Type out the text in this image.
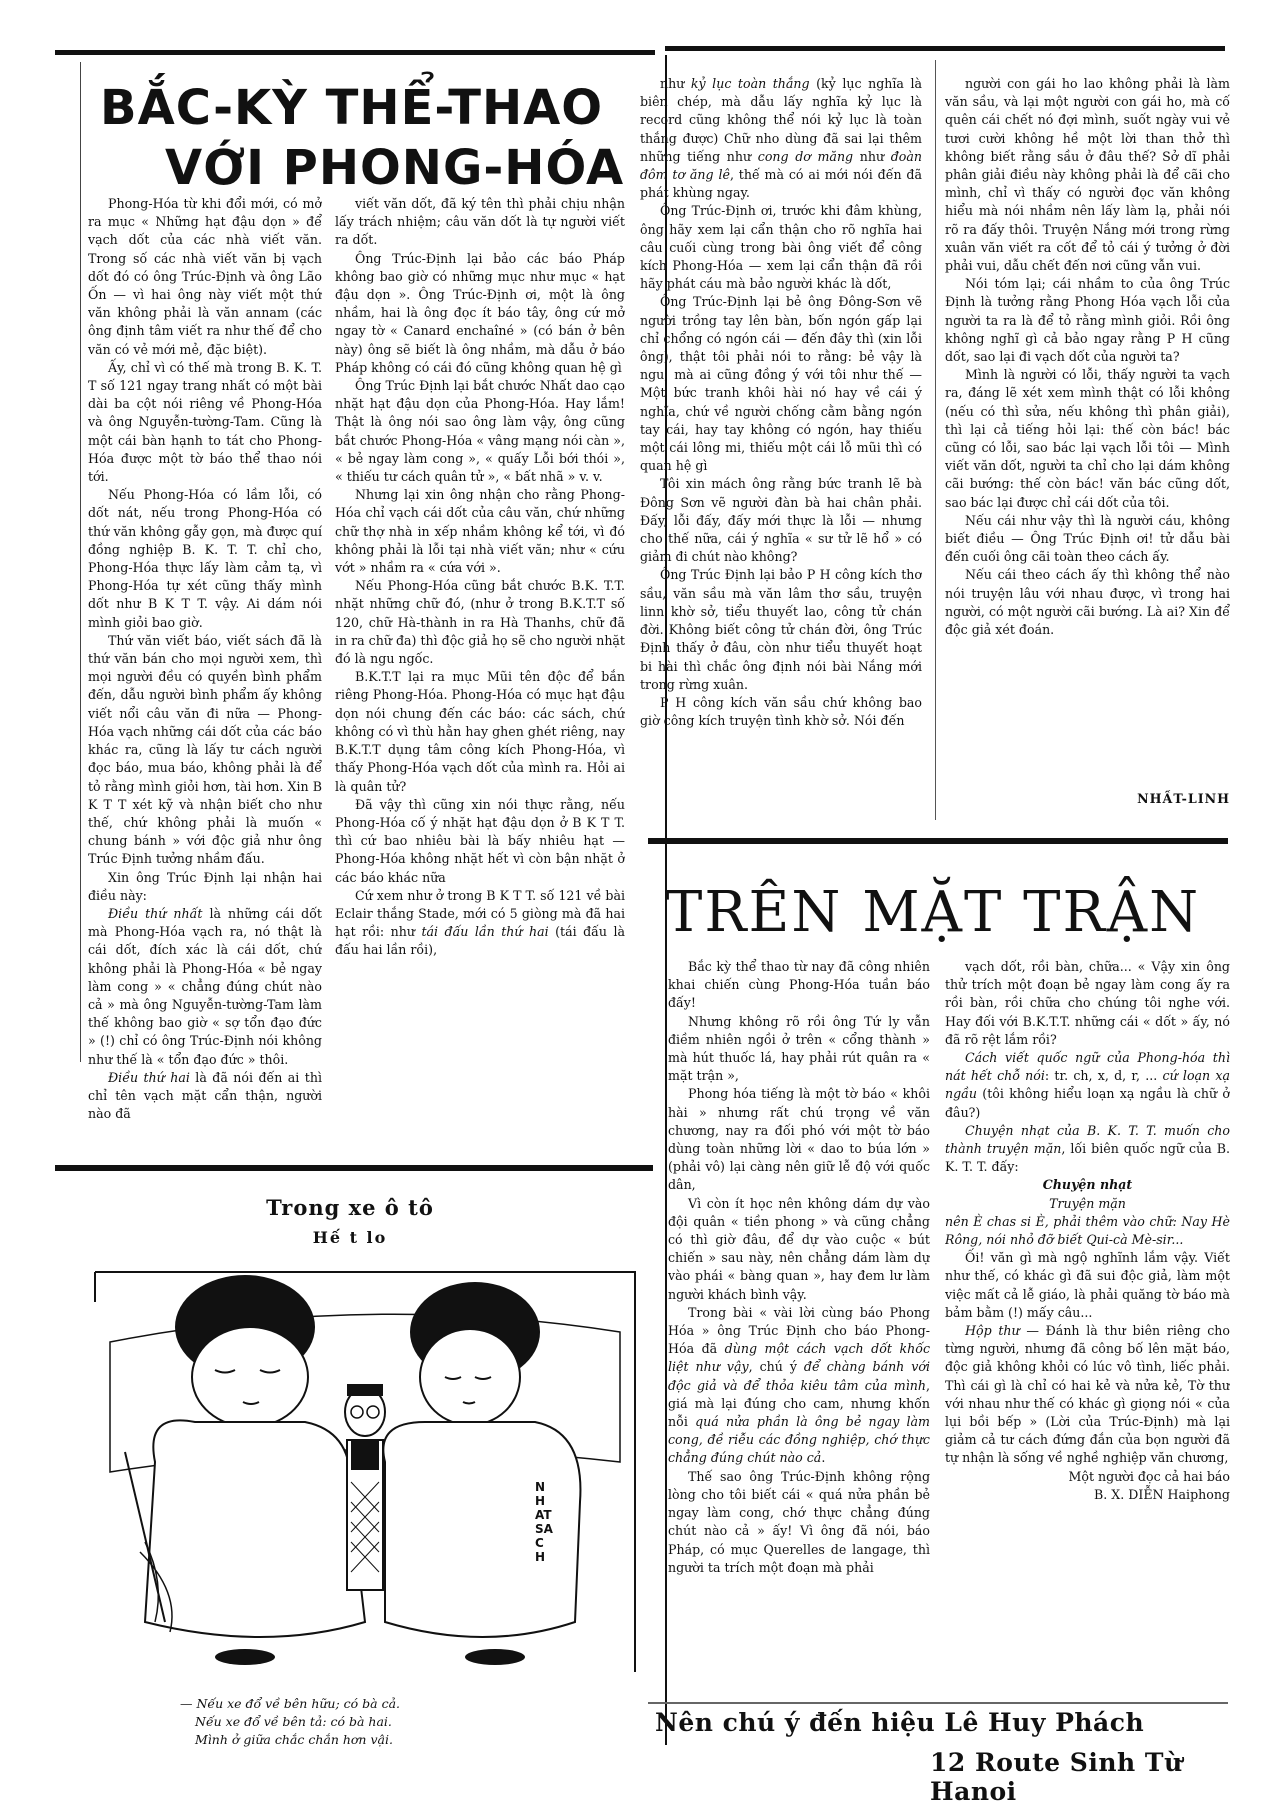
BẮC-KỲ THỂ-THAO
VỚI PHONG-HÓA

Phong-Hóa từ khi đổi mới, có mở ra mục « Những hạt đậu dọn » để vạch dốt của các nhà viết văn. Trong số các nhà viết văn bị vạch dốt đó có ông Trúc-Định và ông Lão Ốn — vì hai ông này viết một thứ văn không phải là văn annam (các ông định tâm viết ra như thế để cho văn có vẻ mới mẻ, đặc biệt).

Ấy, chỉ vì có thế mà trong B. K. T. T số 121 ngay trang nhất có một bài dài ba cột nói riêng về Phong-Hóa và ông Nguyễn-tường-Tam. Cũng là một cái bàn hạnh to tát cho Phong-Hóa được một tờ báo thể thao nói tới.

Nếu Phong-Hóa có lầm lỗi, có dốt nát, nếu trong Phong-Hóa có thứ văn không gẫy gọn, mà được quí đồng nghiệp B. K. T. T. chỉ cho, Phong-Hóa thực lấy làm cảm tạ, vì Phong-Hóa tự xét cũng thấy mình dốt như B K T T. vậy. Ai dám nói mình giỏi bao giờ.

Thứ văn viết báo, viết sách đã là thứ văn bán cho mọi người xem, thì mọi người đều có quyền bình phẩm đến, dẫu người bình phẩm ấy không viết nổi câu văn đi nữa — Phong-Hóa vạch những cái dốt của các báo khác ra, cũng là lấy tư cách người đọc báo, mua báo, không phải là để tỏ rằng mình giỏi hơn, tài hơn. Xin B K T T xét kỹ và nhận biết cho như thế, chứ không phải là muốn « chung bánh » với độc giả như ông Trúc Định tưởng nhầm đấu.

Xin ông Trúc Định lại nhận hai điều này:

Điều thứ nhất là những cái dốt mà Phong-Hóa vạch ra, nó thật là cái dốt, đích xác là cái dốt, chứ không phải là Phong-Hóa « bẻ ngay làm cong » « chẳng đúng chút nào cả » mà ông Nguyễn-tường-Tam làm thế không bao giờ « sợ tổn đạo đức » (!) chỉ có ông Trúc-Định nói không như thế là « tổn đạo đức » thôi.

Điều thứ hai là đã nói đến ai thì chỉ tên vạch mặt cẩn thận, người nào đã

viết văn dốt, đã ký tên thì phải chịu nhận lấy trách nhiệm; câu văn dốt là tự người viết ra dốt.

Ông Trúc-Định lại bảo các báo Pháp không bao giờ có những mục như mục « hạt đậu dọn ». Ông Trúc-Định ơi, một là ông nhầm, hai là ông đọc ít báo tây, ông cứ mở ngay tờ « Canard enchaîné » (có bán ở bên này) ông sẽ biết là ông nhầm, mà dẫu ở báo Pháp không có cái đó cũng không quan hệ gì

Ông Trúc Định lại bắt chước Nhất dao cạo nhặt hạt đậu dọn của Phong-Hóa. Hay lắm! Thật là ông nói sao ông làm vậy, ông cũng bắt chước Phong-Hóa « vâng mạng nói càn », « bẻ ngay làm cong », « quấy Lỗi bới thói », « thiếu tư cách quân tử », « bất nhã » v. v.

Nhưng lại xin ông nhận cho rằng Phong-Hóa chỉ vạch cái dốt của câu văn, chứ những chữ thợ nhà in xếp nhầm không kể tới, vì đó không phải là lỗi tại nhà viết văn; như « cứu vớt » nhầm ra « cứa với ».

Nếu Phong-Hóa cũng bắt chước B.K. T.T. nhặt những chữ đó, (như ở trong B.K.T.T số 120, chữ Hà-thành in ra Hà Thanhs, chữ đã in ra chữ đa) thì độc giả họ sẽ cho người nhặt đó là ngu ngốc.

B.K.T.T lại ra mục Mũi tên độc để bắn riêng Phong-Hóa. Phong-Hóa có mục hạt đậu dọn nói chung đến các báo: các sách, chứ không có vì thù hằn hay ghen ghét riêng, nay B.K.T.T dụng tâm công kích Phong-Hóa, vì thấy Phong-Hóa vạch dốt của mình ra. Hỏi ai là quân tử?

Đã vậy thì cũng xin nói thực rằng, nếu Phong-Hóa cố ý nhặt hạt đậu dọn ở B K T T. thì cứ bao nhiêu bài là bấy nhiêu hạt — Phong-Hóa không nhặt hết vì còn bận nhặt ở các báo khác nữa

Cứ xem như ở trong B K T T. số 121 về bài Eclair thắng Stade, mới có 5 giòng mà đã hai hạt rồi: như tái đấu lần thứ hai (tái đấu là đấu hai lần rồi),

như kỷ lục toàn thắng (kỷ lục nghĩa là biên chép, mà dẫu lấy nghĩa kỷ lục là record cũng không thể nói kỷ lục là toàn thắng được) Chữ nho dùng đã sai lại thêm những tiếng như cong dơ măng như đoàn đôm tơ ăng lê, thế mà có ai mới nói đến đã phát khùng ngay.

Ông Trúc-Định ơi, trước khi đâm khùng, ông hãy xem lại cẩn thận cho rõ nghĩa hai câu cuối cùng trong bài ông viết để công kích Phong-Hóa — xem lại cẩn thận đã rồi hãy phát cáu mà bảo người khác là dốt,

Ông Trúc-Định lại bẻ ông Đông-Sơn vẽ người trồng tay lên bàn, bốn ngón gấp lại chỉ chổng có ngón cái — đến đây thì (xin lỗi ông), thật tôi phải nói to rằng: bẻ vậy là ngu, mà ai cũng đồng ý với tôi như thế — Một bức tranh khôi hài nó hay về cái ý nghĩa, chứ về người chống cằm bằng ngón tay cái, hay tay không có ngón, hay thiếu một cái lông mi, thiếu một cái lỗ mũi thì có quan hệ gì

Tôi xin mách ông rằng bức tranh lẽ bà Đông Sơn vẽ người đàn bà hai chân phải. Đấy, lỗi đấy, đấy mới thực là lỗi — nhưng cho thế nữa, cái ý nghĩa « sư tử lẽ hổ » có giảm đi chút nào không?

Ông Trúc Định lại bảo P H công kích thơ sầu, văn sầu mà văn lâm thơ sầu, truyện linn khờ sở, tiểu thuyết lao, công tử chán đời. Không biết công tử chán đời, ông Trúc Định thấy ở đâu, còn như tiểu thuyết hoạt bi hài thì chắc ông định nói bài Nắng mới trong rừng xuân.

P H công kích văn sầu chứ không bao giờ công kích truyện tình khờ sở. Nói đến

người con gái ho lao không phải là làm văn sầu, và lại một người con gái ho, mà cố quên cái chết nó đợi mình, suốt ngày vui vẻ tươi cười không hề một lời than thở thì không biết rằng sầu ở đâu thế? Sở dĩ phải phân giải điều này không phải là để cãi cho mình, chỉ vì thấy có người đọc văn không hiểu mà nói nhầm nên lấy làm lạ, phải nói rõ ra đấy thôi. Truyện Nắng mới trong rừng xuân văn viết ra cốt để tỏ cái ý tưởng ở đời phải vui, dẫu chết đến nơi cũng vẫn vui.

Nói tóm lại; cái nhầm to của ông Trúc Định là tưởng rằng Phong Hóa vạch lỗi của người ta ra là để tỏ rằng mình giỏi. Rồi ông không nghĩ gì cả bảo ngay rằng P H cũng dốt, sao lại đi vạch dốt của người ta?

Mình là người có lỗi, thấy người ta vạch ra, đáng lẽ xét xem mình thật có lỗi không (nếu có thì sửa, nếu không thì phân giải), thì lại cả tiếng hỏi lại: thế còn bác! bác cũng có lỗi, sao bác lại vạch lỗi tôi — Mình viết văn dốt, người ta chỉ cho lại dám không cãi bướng: thế còn bác! văn bác cũng dốt, sao bác lại được chỉ cái dốt của tôi.

Nếu cái như vậy thì là người cáu, không biết điều — Ông Trúc Định ơi! tử dẫu bài đến cuối ông cãi toàn theo cách ấy.

Nếu cái theo cách ấy thì không thể nào nói truyện lâu với nhau được, vì trong hai người, có một người cãi bướng. Là ai? Xin để độc giả xét đoán.

NHẤT-LINH

TRÊN MẶT TRẬN

Bắc kỳ thể thao từ nay đã công nhiên khai chiến cùng Phong-Hóa tuần báo đấy!

Nhưng không rõ rồi ông Tứ ly vẫn điềm nhiên ngồi ở trên « cổng thành » mà hút thuốc lá, hay phải rút quân ra « mặt trận »,

Phong hóa tiếng là một tờ báo « khôi hài » nhưng rất chú trọng về văn chương, nay ra đối phó với một tờ báo dùng toàn những lời « dao to búa lớn » (phải vô) lại càng nên giữ lễ độ với quốc dân,

Vì còn ít học nên không dám dự vào đội quân « tiền phong » và cũng chẳng có thì giờ đâu, để dự vào cuộc « bút chiến » sau này, nên chẳng dám làm dự vào phái « bàng quan », hay đem lư làm người khách bình vậy.

Trong bài « vài lời cùng báo Phong Hóa » ông Trúc Định cho báo Phong-Hóa đã dùng một cách vạch dốt khốc liệt như vậy, chú ý để chàng bánh với độc giả và để thỏa kiêu tâm của mình, giá mà lại đúng cho cam, nhưng khốn nỗi quá nửa phần là ông bẻ ngay làm cong, đề riễu các đồng nghiệp, chớ thực chẳng đúng chút nào cả.

Thế sao ông Trúc-Định không rộng lòng cho tôi biết cái « quá nửa phần bẻ ngay làm cong, chớ thực chẳng đúng chút nào cả » ấy! Vì ông đã nói, báo Pháp, có mục Querelles de langage, thì người ta trích một đoạn mà phải

vạch dốt, rồi bàn, chữa... « Vậy xin ông thử trích một đoạn bẻ ngay làm cong ấy ra rồi bàn, rồi chữa cho chúng tôi nghe với. Hay đối với B.K.T.T. những cái « dốt » ấy, nó đã rõ rệt lắm rồi?

Cách viết quốc ngữ của Phong-hóa thì nát hết chỗ nói: tr. ch, x, d, r, ... cứ loạn xạ ngầu (tôi không hiểu loạn xạ ngầu là chữ ở đâu?)

Chuyện nhạt của B. K. T. T. muốn cho thành truyện mặn, lối biên quốc ngữ của B. K. T. T. đấy:

Chuyện nhạt

Truyện mặn

nên È chas si È, phải thêm vào chữ: Nay Hè Rông, nói nhỏ đỡ biết Qui-cà Mè-sir...

Ối! văn gì mà ngộ nghĩnh lắm vậy. Viết như thế, có khác gì đã sui độc giả, làm một việc mất cả lễ giáo, là phải quăng tờ báo mà bảm bằm (!) mấy câu...

Hộp thư — Đánh là thư biên riêng cho từng người, nhưng đã công bố lên mặt báo, độc giả không khỏi có lúc vô tình, liếc phải. Thì cái gì là chỉ có hai kẻ và nửa kẻ, Tờ thư với nhau như thế có khác gì giọng nói « của lụi bồi bếp » (Lời của Trúc-Định) mà lại giảm cả tư cách đứng đắn của bọn người đã tự nhận là sống về nghề nghiệp văn chương,

Một người đọc cả hai báo

B. X. DIỄN Haiphong

Trong xe ô tô
Hế t lo
NHATSACH
— Nếu xe đổ về bên hữu; có bà cả.
Nếu xe đổ về bên tả: có bà hai.
Mình ở giữa chắc chắn hơn vậi.
Nên chú ý đến hiệu Lê Huy Phách
12 Route Sinh Từ Hanoi
